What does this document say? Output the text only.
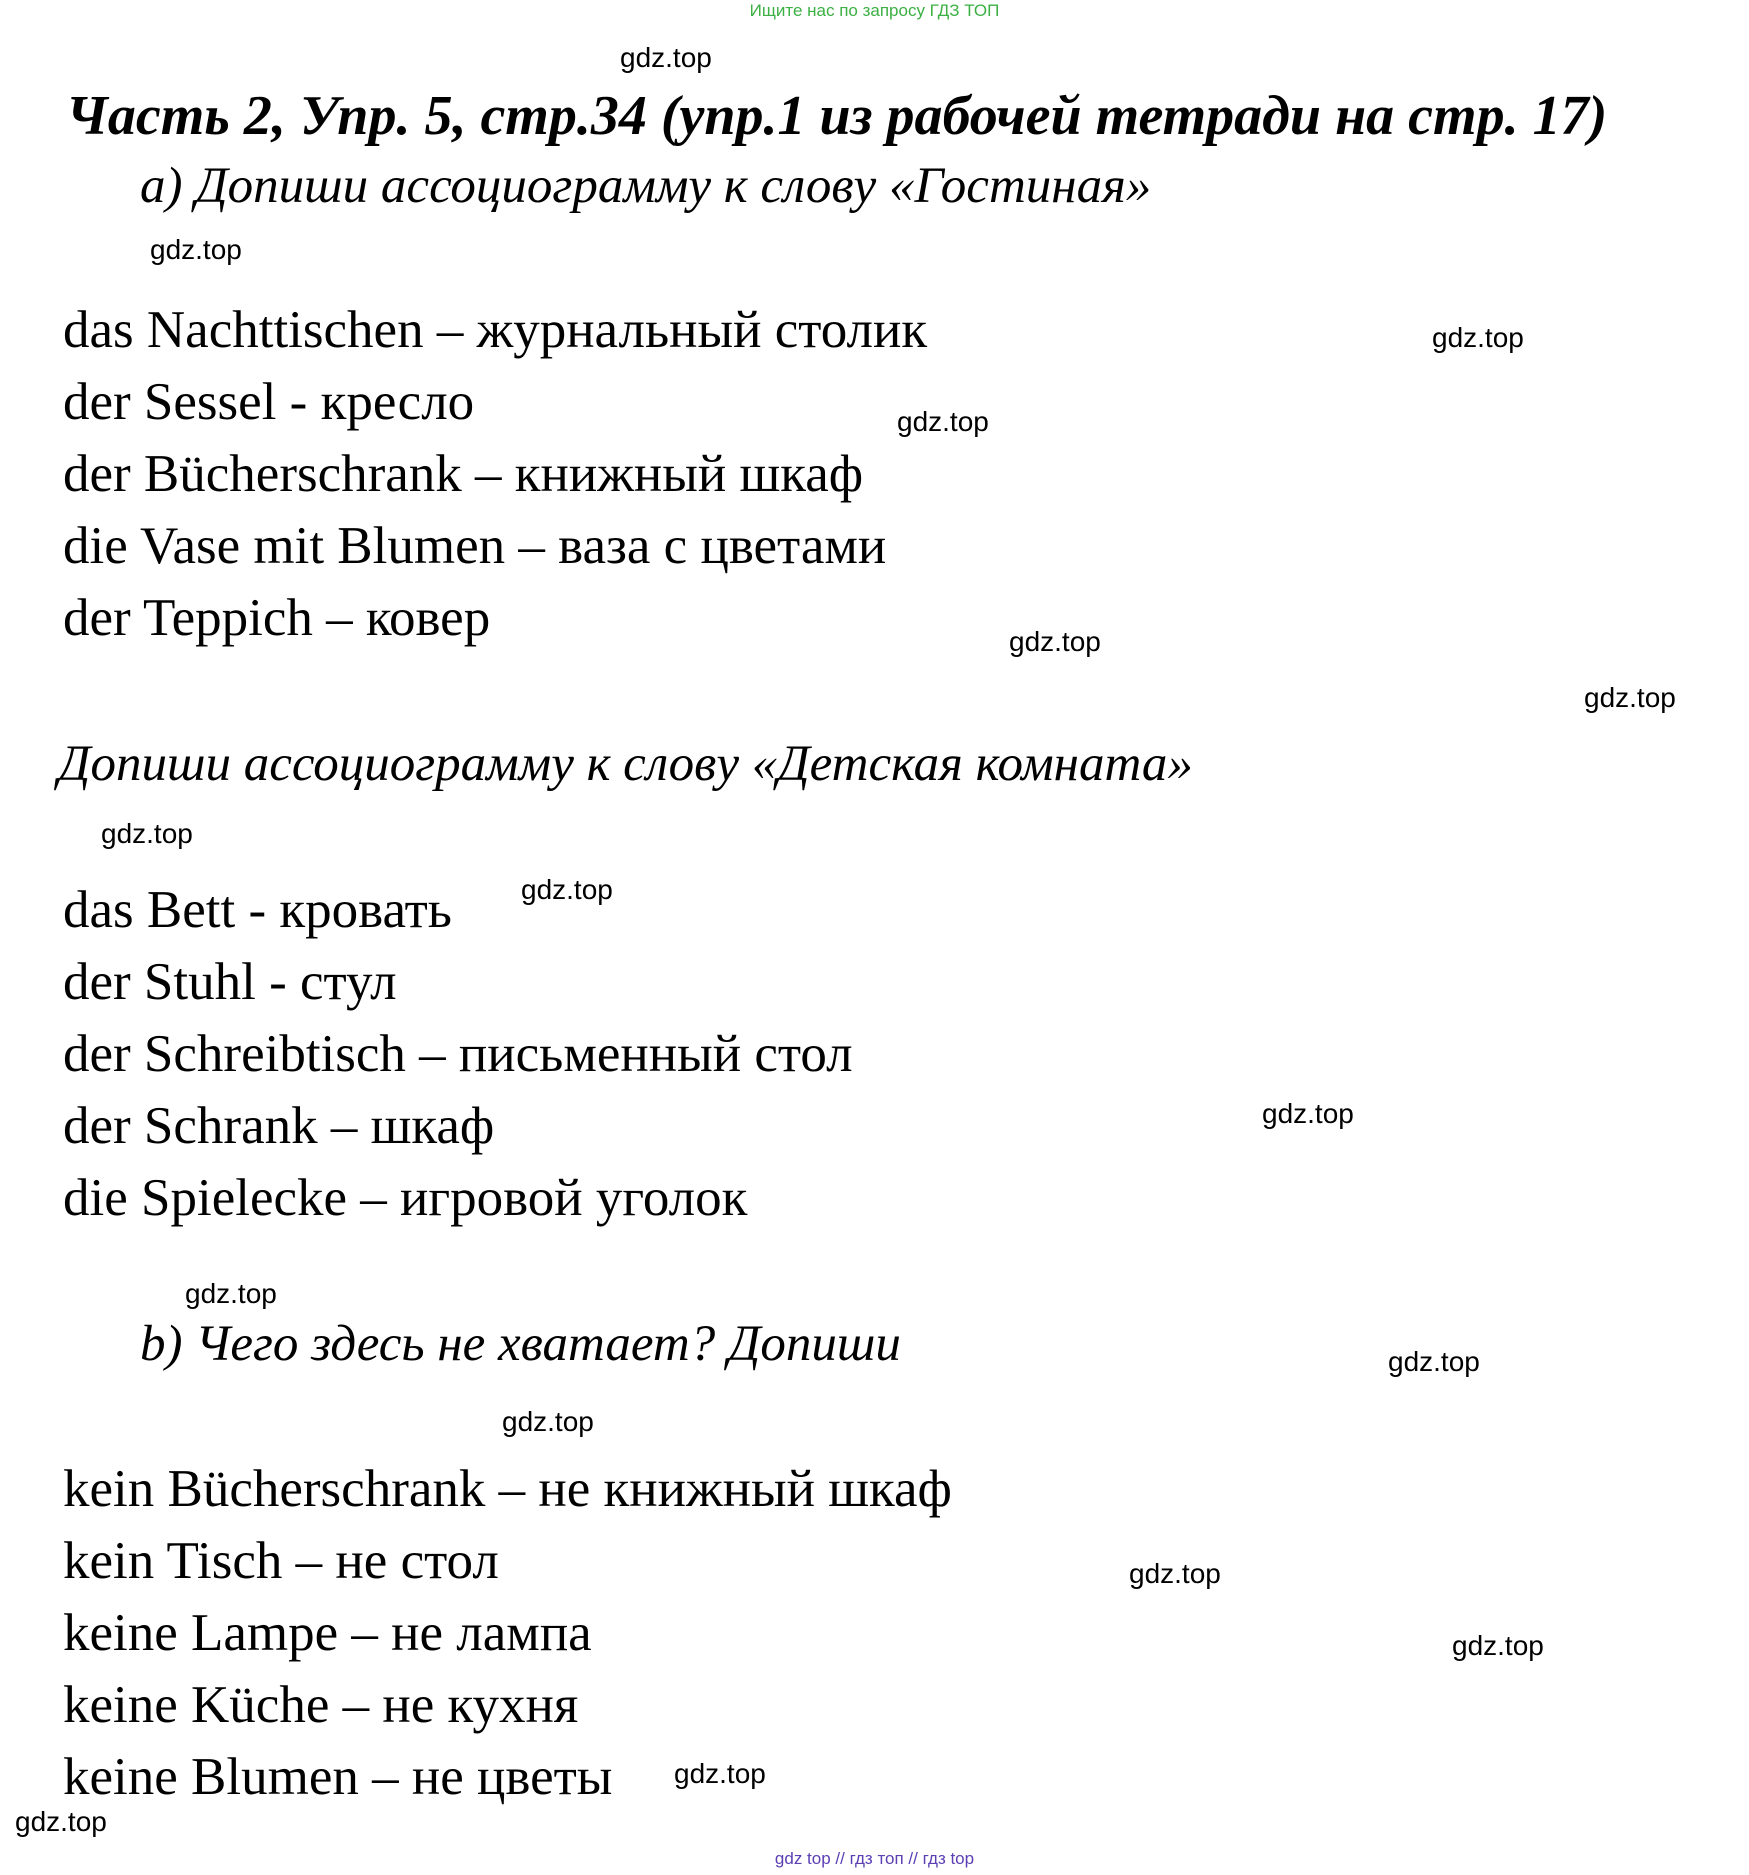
Ищите нас по запросу ГДЗ ТОП
Часть 2, Упр. 5, стр.34 (упр.1 из рабочей тетради на стр. 17)
а) Допиши ассоциограмму к слову «Гостиная»
das Nachttischen – журнальный столик
der Sessel - кресло
der Bücherschrank – книжный шкаф
die Vase mit Blumen – ваза с цветами
der Teppich – ковер
Допиши ассоциограмму к слову «Детская комната»
das Bett - кровать
der Stuhl - стул
der Schreibtisch – письменный стол
der Schrank – шкаф
die Spielecke – игровой уголок
b) Чего здесь не хватает? Допиши
kein Bücherschrank – не книжный шкаф
kein Tisch – не стол
keine Lampe – не лампа
keine Küche – не кухня
keine Blumen – не цветы
gdz.top
gdz.top
gdz.top
gdz.top
gdz.top
gdz.top
gdz.top
gdz.top
gdz.top
gdz.top
gdz.top
gdz.top
gdz.top
gdz.top
gdz.top
gdz.top
gdz top // гдз топ // гдз top
